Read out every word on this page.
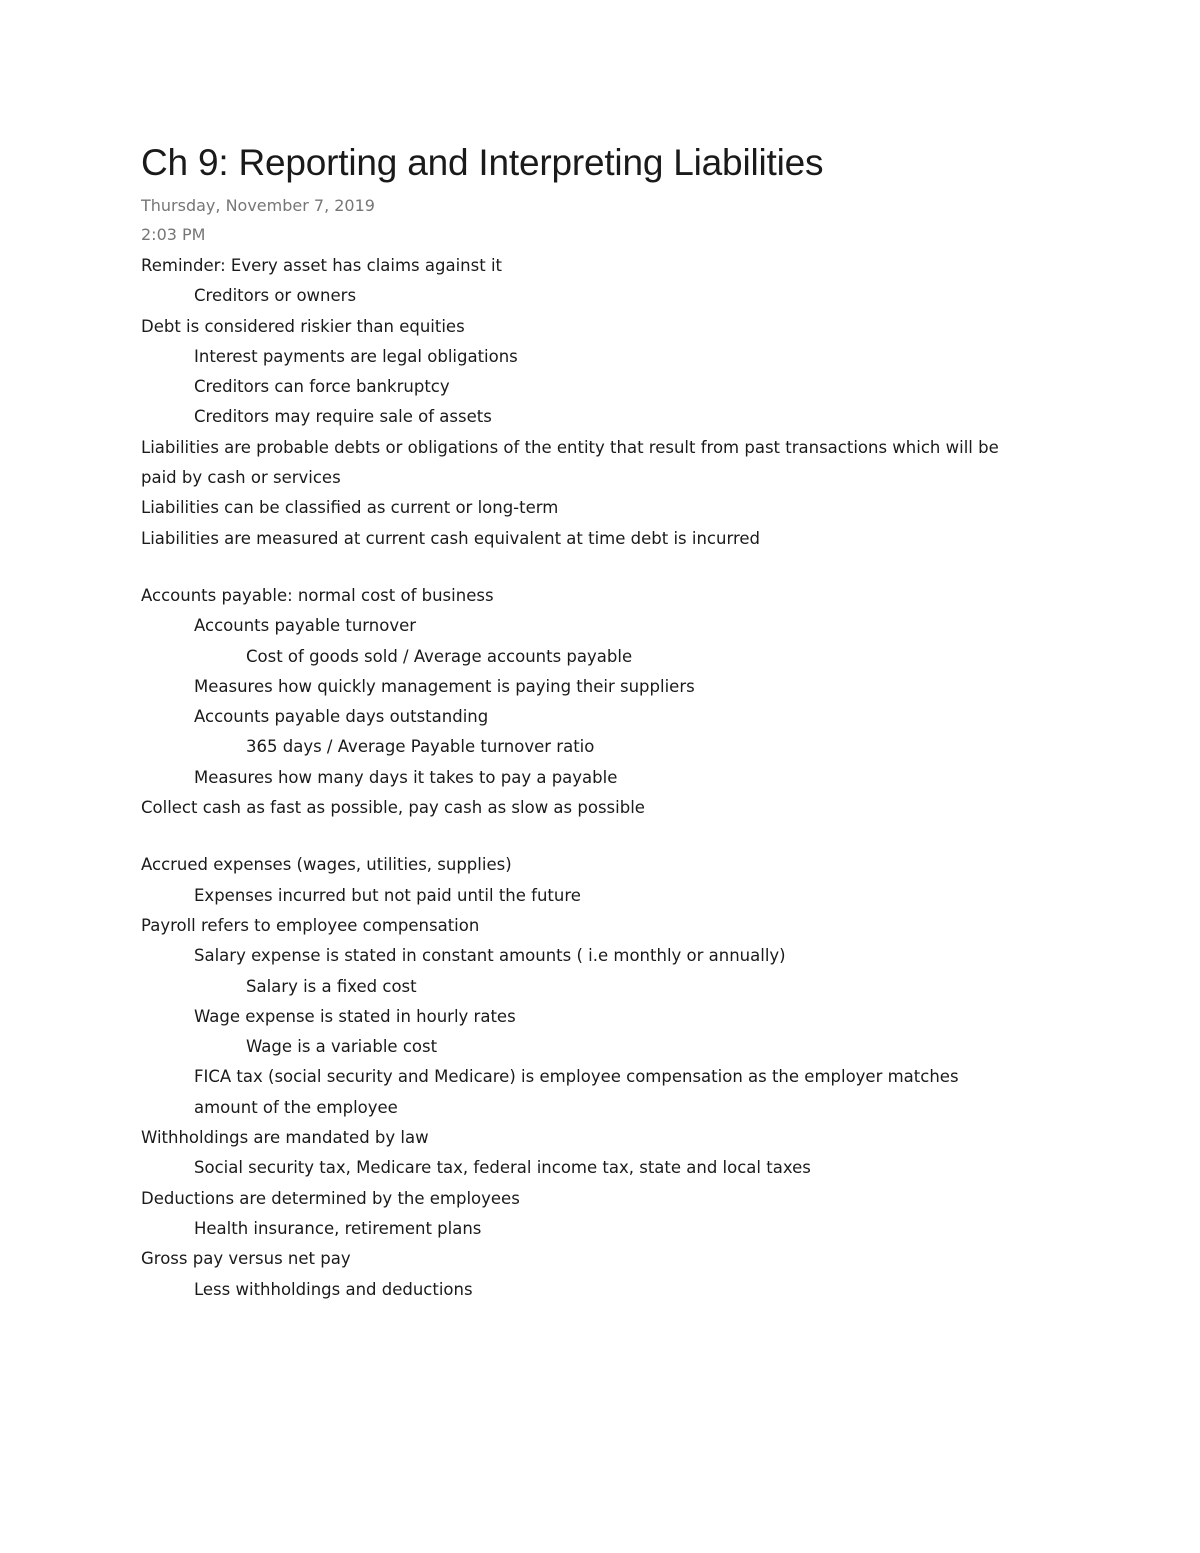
Ch 9: Reporting and Interpreting Liabilities
Thursday, November 7, 2019
2:03 PM
Reminder: Every asset has claims against it
Creditors or owners
Debt is considered riskier than equities
Interest payments are legal obligations
Creditors can force bankruptcy
Creditors may require sale of assets
Liabilities are probable debts or obligations of the entity that result from past transactions which will be
paid by cash or services
Liabilities can be classified as current or long-term
Liabilities are measured at current cash equivalent at time debt is incurred
Accounts payable: normal cost of business
Accounts payable turnover
Cost of goods sold / Average accounts payable
Measures how quickly management is paying their suppliers
Accounts payable days outstanding
365 days / Average Payable turnover ratio
Measures how many days it takes to pay a payable
Collect cash as fast as possible, pay cash as slow as possible
Accrued expenses (wages, utilities, supplies)
Expenses incurred but not paid until the future
Payroll refers to employee compensation
Salary expense is stated in constant amounts ( i.e monthly or annually)
Salary is a fixed cost
Wage expense is stated in hourly rates
Wage is a variable cost
FICA tax (social security and Medicare) is employee compensation as the employer matches
amount of the employee
Withholdings are mandated by law
Social security tax, Medicare tax, federal income tax, state and local taxes
Deductions are determined by the employees
Health insurance, retirement plans
Gross pay versus net pay
Less withholdings and deductions
